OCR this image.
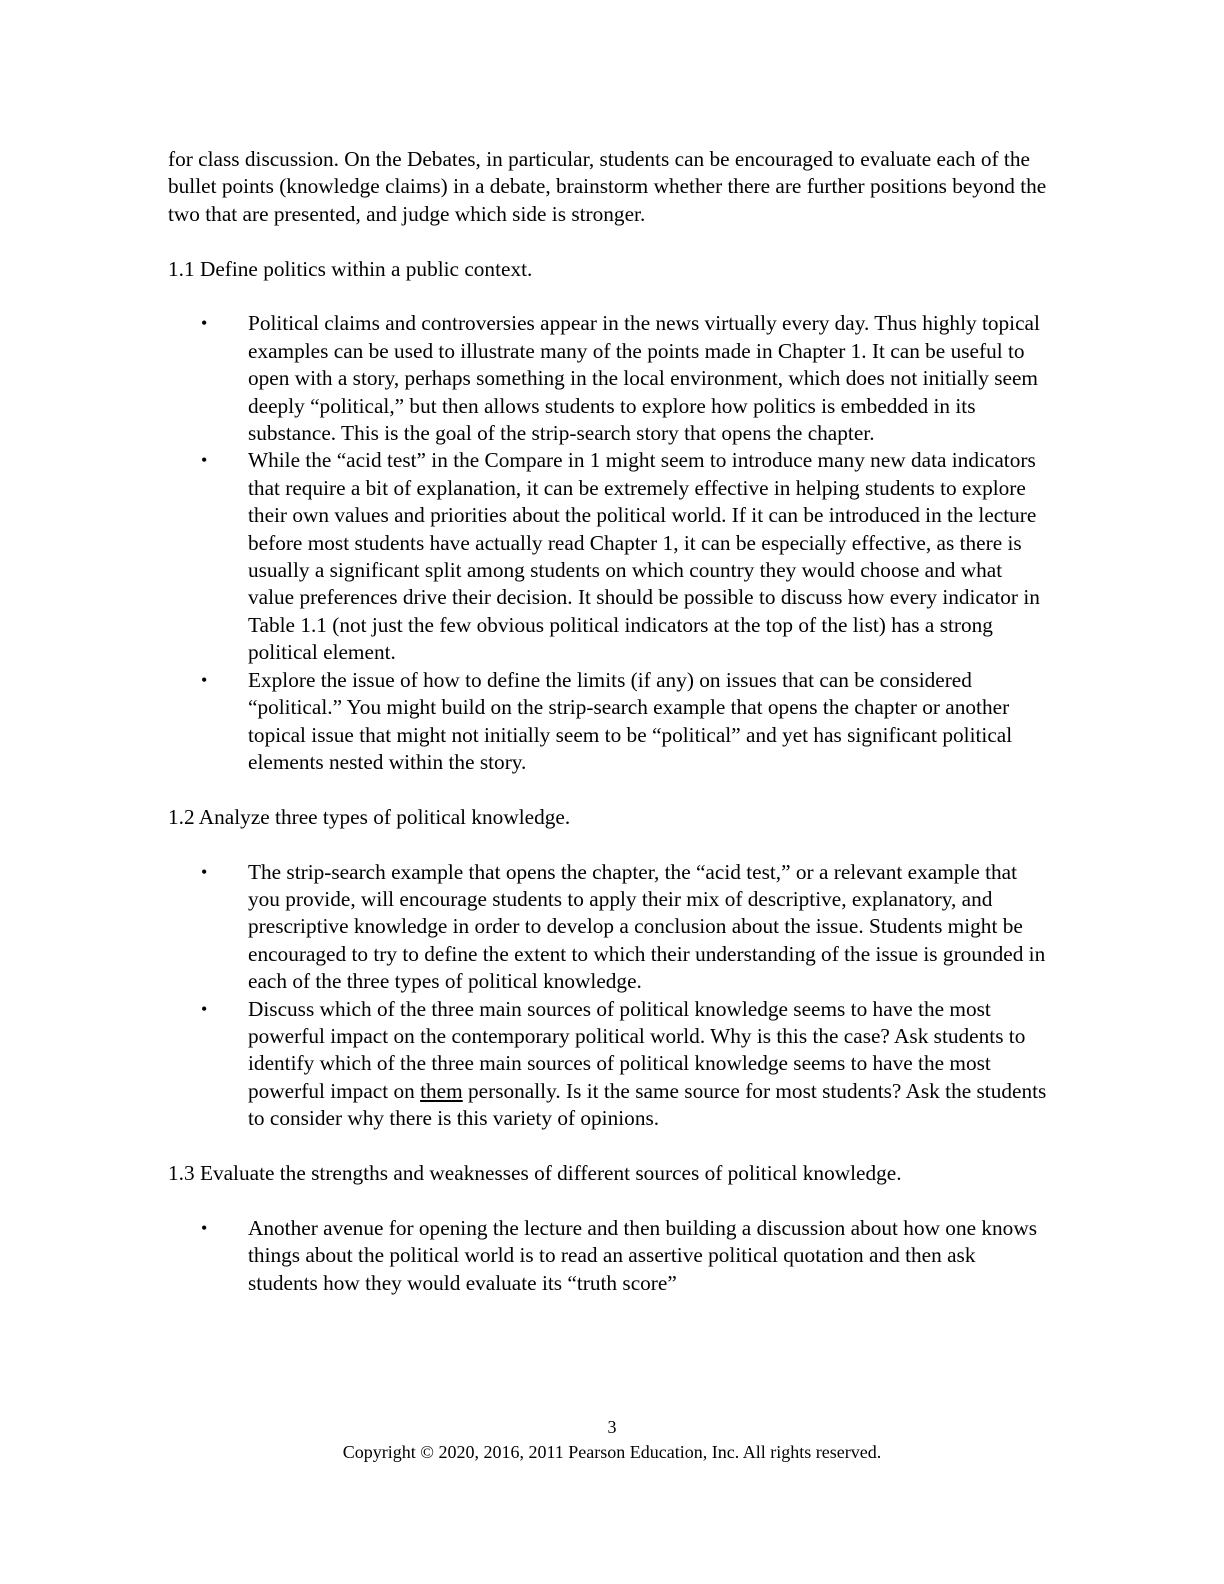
for class discussion. On the Debates, in particular, students can be encouraged to evaluate each of the bullet points (knowledge claims) in a debate, brainstorm whether there are further positions beyond the two that are presented, and judge which side is stronger.

1.1 Define politics within a public context.

• Political claims and controversies appear in the news virtually every day. Thus highly topical examples can be used to illustrate many of the points made in Chapter 1. It can be useful to open with a story, perhaps something in the local environment, which does not initially seem deeply “political,” but then allows students to explore how politics is embedded in its substance. This is the goal of the strip-search story that opens the chapter.
• While the “acid test” in the Compare in 1 might seem to introduce many new data indicators that require a bit of explanation, it can be extremely effective in helping students to explore their own values and priorities about the political world. If it can be introduced in the lecture before most students have actually read Chapter 1, it can be especially effective, as there is usually a significant split among students on which country they would choose and what value preferences drive their decision. It should be possible to discuss how every indicator in Table 1.1 (not just the few obvious political indicators at the top of the list) has a strong political element.
• Explore the issue of how to define the limits (if any) on issues that can be considered “political.” You might build on the strip-search example that opens the chapter or another topical issue that might not initially seem to be “political” and yet has significant political elements nested within the story.

1.2 Analyze three types of political knowledge.

• The strip-search example that opens the chapter, the “acid test,” or a relevant example that you provide, will encourage students to apply their mix of descriptive, explanatory, and prescriptive knowledge in order to develop a conclusion about the issue. Students might be encouraged to try to define the extent to which their understanding of the issue is grounded in each of the three types of political knowledge.
• Discuss which of the three main sources of political knowledge seems to have the most powerful impact on the contemporary political world. Why is this the case? Ask students to identify which of the three main sources of political knowledge seems to have the most powerful impact on them personally. Is it the same source for most students? Ask the students to consider why there is this variety of opinions.

1.3 Evaluate the strengths and weaknesses of different sources of political knowledge.

• Another avenue for opening the lecture and then building a discussion about how one knows things about the political world is to read an assertive political quotation and then ask students how they would evaluate its “truth score”
3
Copyright © 2020, 2016, 2011 Pearson Education, Inc. All rights reserved.
